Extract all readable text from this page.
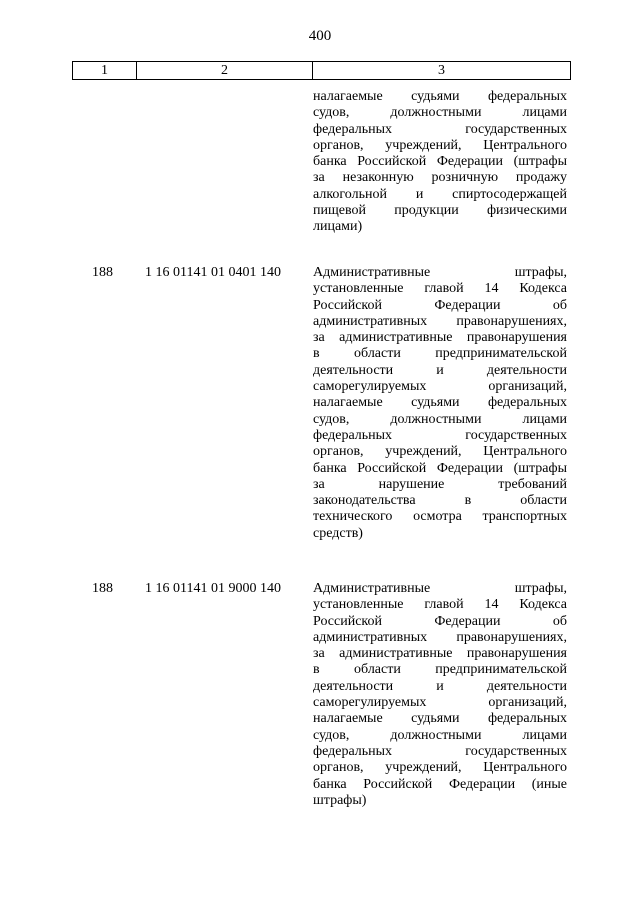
400
1	2	3
налагаемые судьями федеральных
судов, должностными лицами
федеральных государственных
органов, учреждений, Центрального
банка Российской Федерации (штрафы
за незаконную розничную продажу
алкогольной и спиртосодержащей
пищевой продукции физическими
лицами)
188	1 16 01141 01 0401 140	Административные штрафы,
установленные главой 14 Кодекса
Российской Федерации об
административных правонарушениях,
за административные правонарушения
в области предпринимательской
деятельности и деятельности
саморегулируемых организаций,
налагаемые судьями федеральных
судов, должностными лицами
федеральных государственных
органов, учреждений, Центрального
банка Российской Федерации (штрафы
за нарушение требований
законодательства в области
технического осмотра транспортных
средств)
188	1 16 01141 01 9000 140	Административные штрафы,
установленные главой 14 Кодекса
Российской Федерации об
административных правонарушениях,
за административные правонарушения
в области предпринимательской
деятельности и деятельности
саморегулируемых организаций,
налагаемые судьями федеральных
судов, должностными лицами
федеральных государственных
органов, учреждений, Центрального
банка Российской Федерации (иные
штрафы)
